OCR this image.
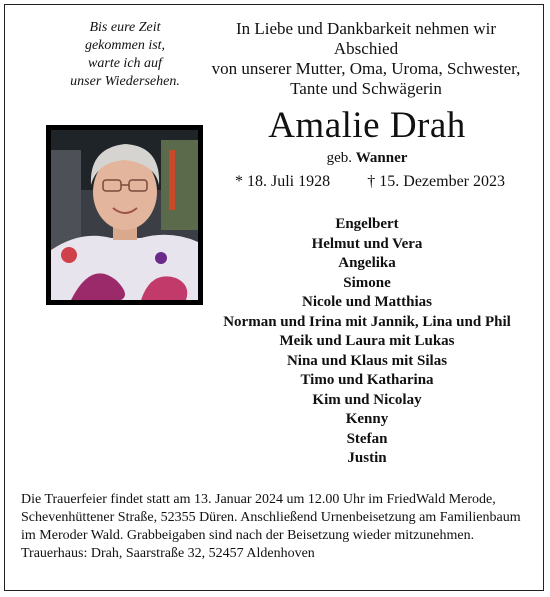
Bis eure Zeit
gekommen ist,
warte ich auf
unser Wiedersehen.
In Liebe und Dankbarkeit nehmen wir Abschied
von unserer Mutter, Oma, Uroma, Schwester,
Tante und Schwägerin
Amalie Drah
geb. Wanner
* 18. Juli 1928 † 15. Dezember 2023
Engelbert
Helmut und Vera
Angelika
Simone
Nicole und Matthias
Norman und Irina mit Jannik, Lina und Phil
Meik und Laura mit Lukas
Nina und Klaus mit Silas
Timo und Katharina
Kim und Nicolay
Kenny
Stefan
Justin

Die Trauerfeier findet statt am 13. Januar 2024 um 12.00 Uhr im FriedWald Merode, Schevenhüttener Straße, 52355 Düren. Anschließend Urnenbeisetzung am Familienbaum im Meroder Wald. Grabbeigaben sind nach der Beisetzung wieder mitzunehmen.

Trauerhaus: Drah, Saarstraße 32, 52457 Aldenhoven
